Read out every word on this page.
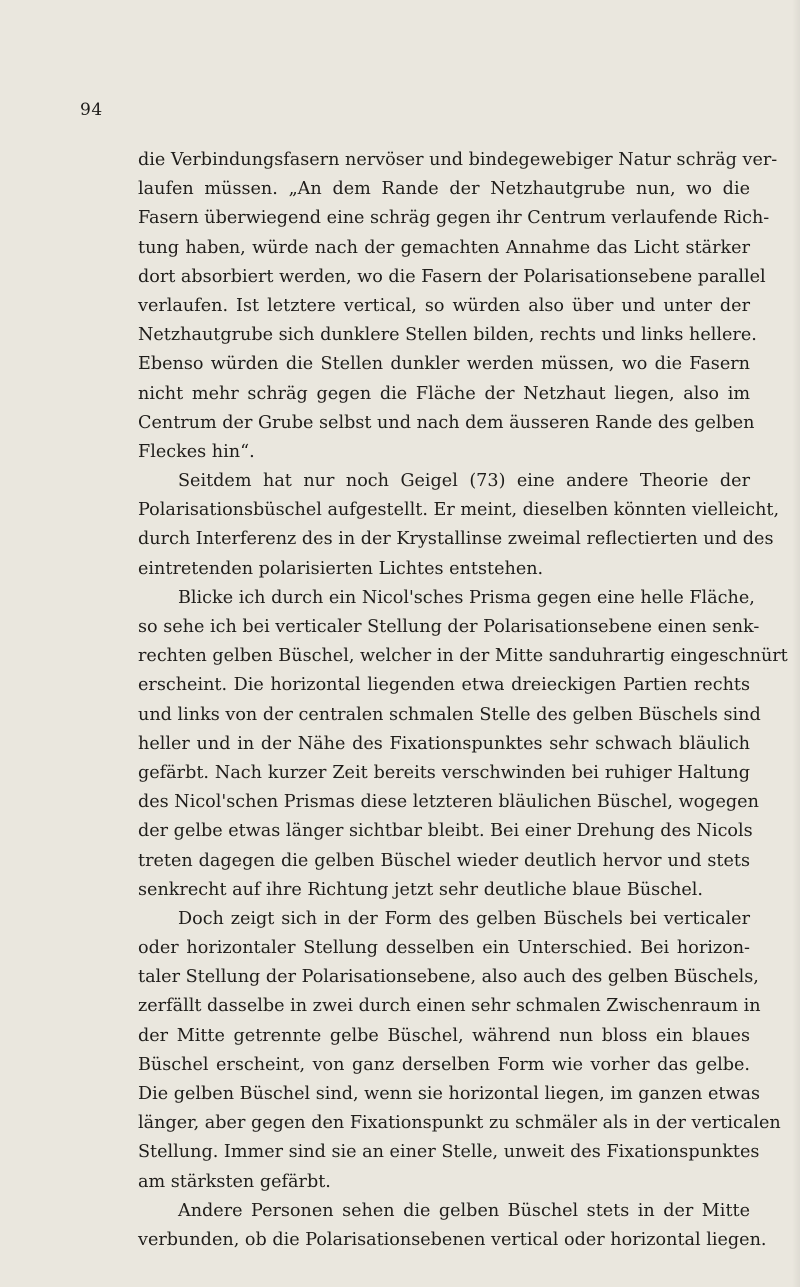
94
die Verbindungsfasern nervöser und bindegewebiger Natur schräg ver-
laufen müssen. „An dem Rande der Netzhautgrube nun, wo die
Fasern überwiegend eine schräg gegen ihr Centrum verlaufende Rich-
tung haben, würde nach der gemachten Annahme das Licht stärker
dort absorbiert werden, wo die Fasern der Polarisationsebene parallel
verlaufen. Ist letztere vertical, so würden also über und unter der
Netzhautgrube sich dunklere Stellen bilden, rechts und links hellere.
Ebenso würden die Stellen dunkler werden müssen, wo die Fasern
nicht mehr schräg gegen die Fläche der Netzhaut liegen, also im
Centrum der Grube selbst und nach dem äusseren Rande des gelben
Fleckes hin“.
Seitdem hat nur noch Geigel (73) eine andere Theorie der
Polarisationsbüschel aufgestellt. Er meint, dieselben könnten vielleicht,
durch Interferenz des in der Krystallinse zweimal reflectierten und des
eintretenden polarisierten Lichtes entstehen.
Blicke ich durch ein Nicol'sches Prisma gegen eine helle Fläche,
so sehe ich bei verticaler Stellung der Polarisationsebene einen senk-
rechten gelben Büschel, welcher in der Mitte sanduhrartig eingeschnürt
erscheint. Die horizontal liegenden etwa dreieckigen Partien rechts
und links von der centralen schmalen Stelle des gelben Büschels sind
heller und in der Nähe des Fixationspunktes sehr schwach bläulich
gefärbt. Nach kurzer Zeit bereits verschwinden bei ruhiger Haltung
des Nicol'schen Prismas diese letzteren bläulichen Büschel, wogegen
der gelbe etwas länger sichtbar bleibt. Bei einer Drehung des Nicols
treten dagegen die gelben Büschel wieder deutlich hervor und stets
senkrecht auf ihre Richtung jetzt sehr deutliche blaue Büschel.
Doch zeigt sich in der Form des gelben Büschels bei verticaler
oder horizontaler Stellung desselben ein Unterschied. Bei horizon-
taler Stellung der Polarisationsebene, also auch des gelben Büschels,
zerfällt dasselbe in zwei durch einen sehr schmalen Zwischenraum in
der Mitte getrennte gelbe Büschel, während nun bloss ein blaues
Büschel erscheint, von ganz derselben Form wie vorher das gelbe.
Die gelben Büschel sind, wenn sie horizontal liegen, im ganzen etwas
länger, aber gegen den Fixationspunkt zu schmäler als in der verticalen
Stellung. Immer sind sie an einer Stelle, unweit des Fixationspunktes
am stärksten gefärbt.
Andere Personen sehen die gelben Büschel stets in der Mitte
verbunden, ob die Polarisationsebenen vertical oder horizontal liegen.
